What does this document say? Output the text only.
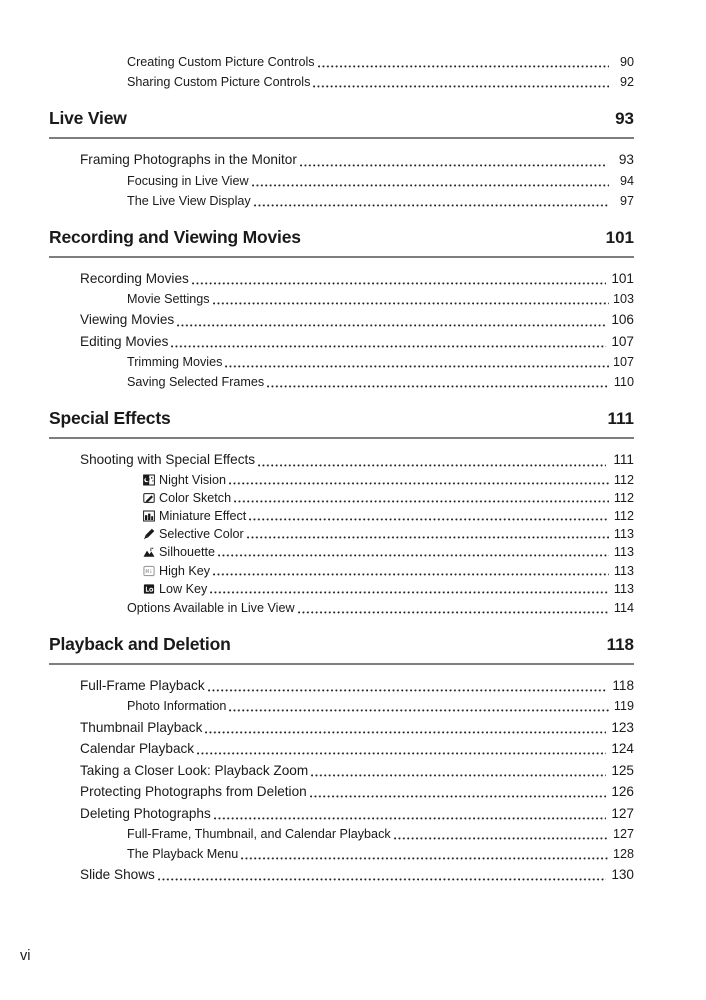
Creating Custom Picture Controls	90
Sharing Custom Picture Controls	92
Live View	93
Framing Photographs in the Monitor	93
Focusing in Live View	94
The Live View Display	97
Recording and Viewing Movies	101
Recording Movies	101
Movie Settings	103
Viewing Movies	106
Editing Movies	107
Trimming Movies	107
Saving Selected Frames	110
Special Effects	111
Shooting with Special Effects	111
Night Vision	112
Color Sketch	112
Miniature Effect	112
Selective Color	113
Silhouette	113
High Key	113
Low Key	113
Options Available in Live View	114
Playback and Deletion	118
Full-Frame Playback	118
Photo Information	119
Thumbnail Playback	123
Calendar Playback	124
Taking a Closer Look: Playback Zoom	125
Protecting Photographs from Deletion	126
Deleting Photographs	127
Full-Frame, Thumbnail, and Calendar Playback	127
The Playback Menu	128
Slide Shows	130
vi
